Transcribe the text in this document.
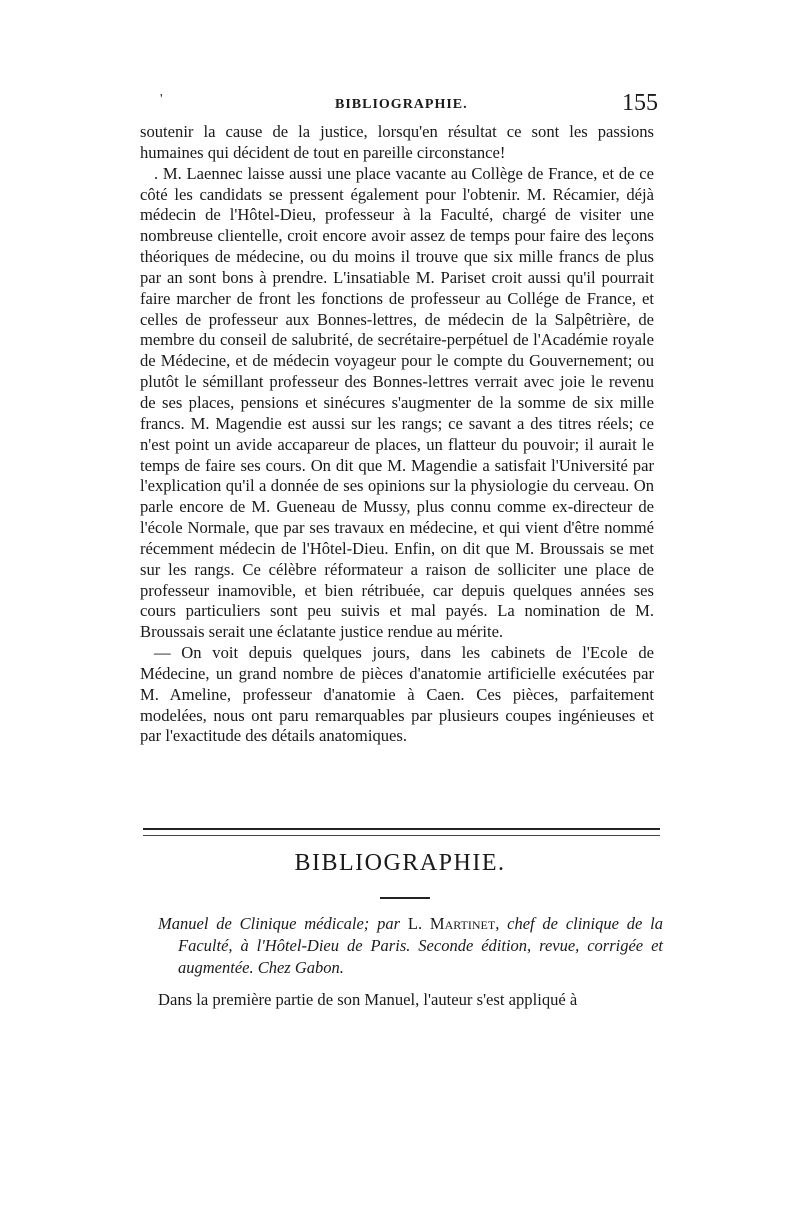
'	BIBLIOGRAPHIE.	155

soutenir la cause de la justice, lorsqu'en résultat ce sont les passions humaines qui décident de tout en pareille circonstance!

. M. Laennec laisse aussi une place vacante au Collège de France, et de ce côté les candidats se pressent également pour l'obtenir. M. Récamier, déjà médecin de l'Hôtel-Dieu, professeur à la Faculté, chargé de visiter une nombreuse clientelle, croit encore avoir assez de temps pour faire des leçons théoriques de médecine, ou du moins il trouve que six mille francs de plus par an sont bons à prendre. L'insatiable M. Pariset croit aussi qu'il pourrait faire marcher de front les fonctions de professeur au Collége de France, et celles de professeur aux Bonnes-lettres, de médecin de la Salpêtrière, de membre du conseil de salubrité, de secrétaire-perpétuel de l'Académie royale de Médecine, et de médecin voyageur pour le compte du Gouvernement; ou plutôt le sémillant professeur des Bonnes-lettres verrait avec joie le revenu de ses places, pensions et sinécures s'augmenter de la somme de six mille francs. M. Magendie est aussi sur les rangs; ce savant a des titres réels; ce n'est point un avide accapareur de places, un flatteur du pouvoir; il aurait le temps de faire ses cours. On dit que M. Magendie a satisfait l'Université par l'explication qu'il a donnée de ses opinions sur la physiologie du cerveau. On parle encore de M. Gueneau de Mussy, plus connu comme ex-directeur de l'école Normale, que par ses travaux en médecine, et qui vient d'être nommé récemment médecin de l'Hôtel-Dieu. Enfin, on dit que M. Broussais se met sur les rangs. Ce célèbre réformateur a raison de solliciter une place de professeur inamovible, et bien rétribuée, car depuis quelques années ses cours particuliers sont peu suivis et mal payés. La nomination de M. Broussais serait une éclatante justice rendue au mérite.

— On voit depuis quelques jours, dans les cabinets de l'Ecole de Médecine, un grand nombre de pièces d'anatomie artificielle exécutées par M. Ameline, professeur d'anatomie à Caen. Ces pièces, parfaitement modelées, nous ont paru remarquables par plusieurs coupes ingénieuses et par l'exactitude des détails anatomiques.

BIBLIOGRAPHIE.
Manuel de Clinique médicale; par L. Martinet, chef de clinique de la Faculté, à l'Hôtel-Dieu de Paris. Seconde édition, revue, corrigée et augmentée. Chez Gabon.
Dans la première partie de son Manuel, l'auteur s'est appliqué à
